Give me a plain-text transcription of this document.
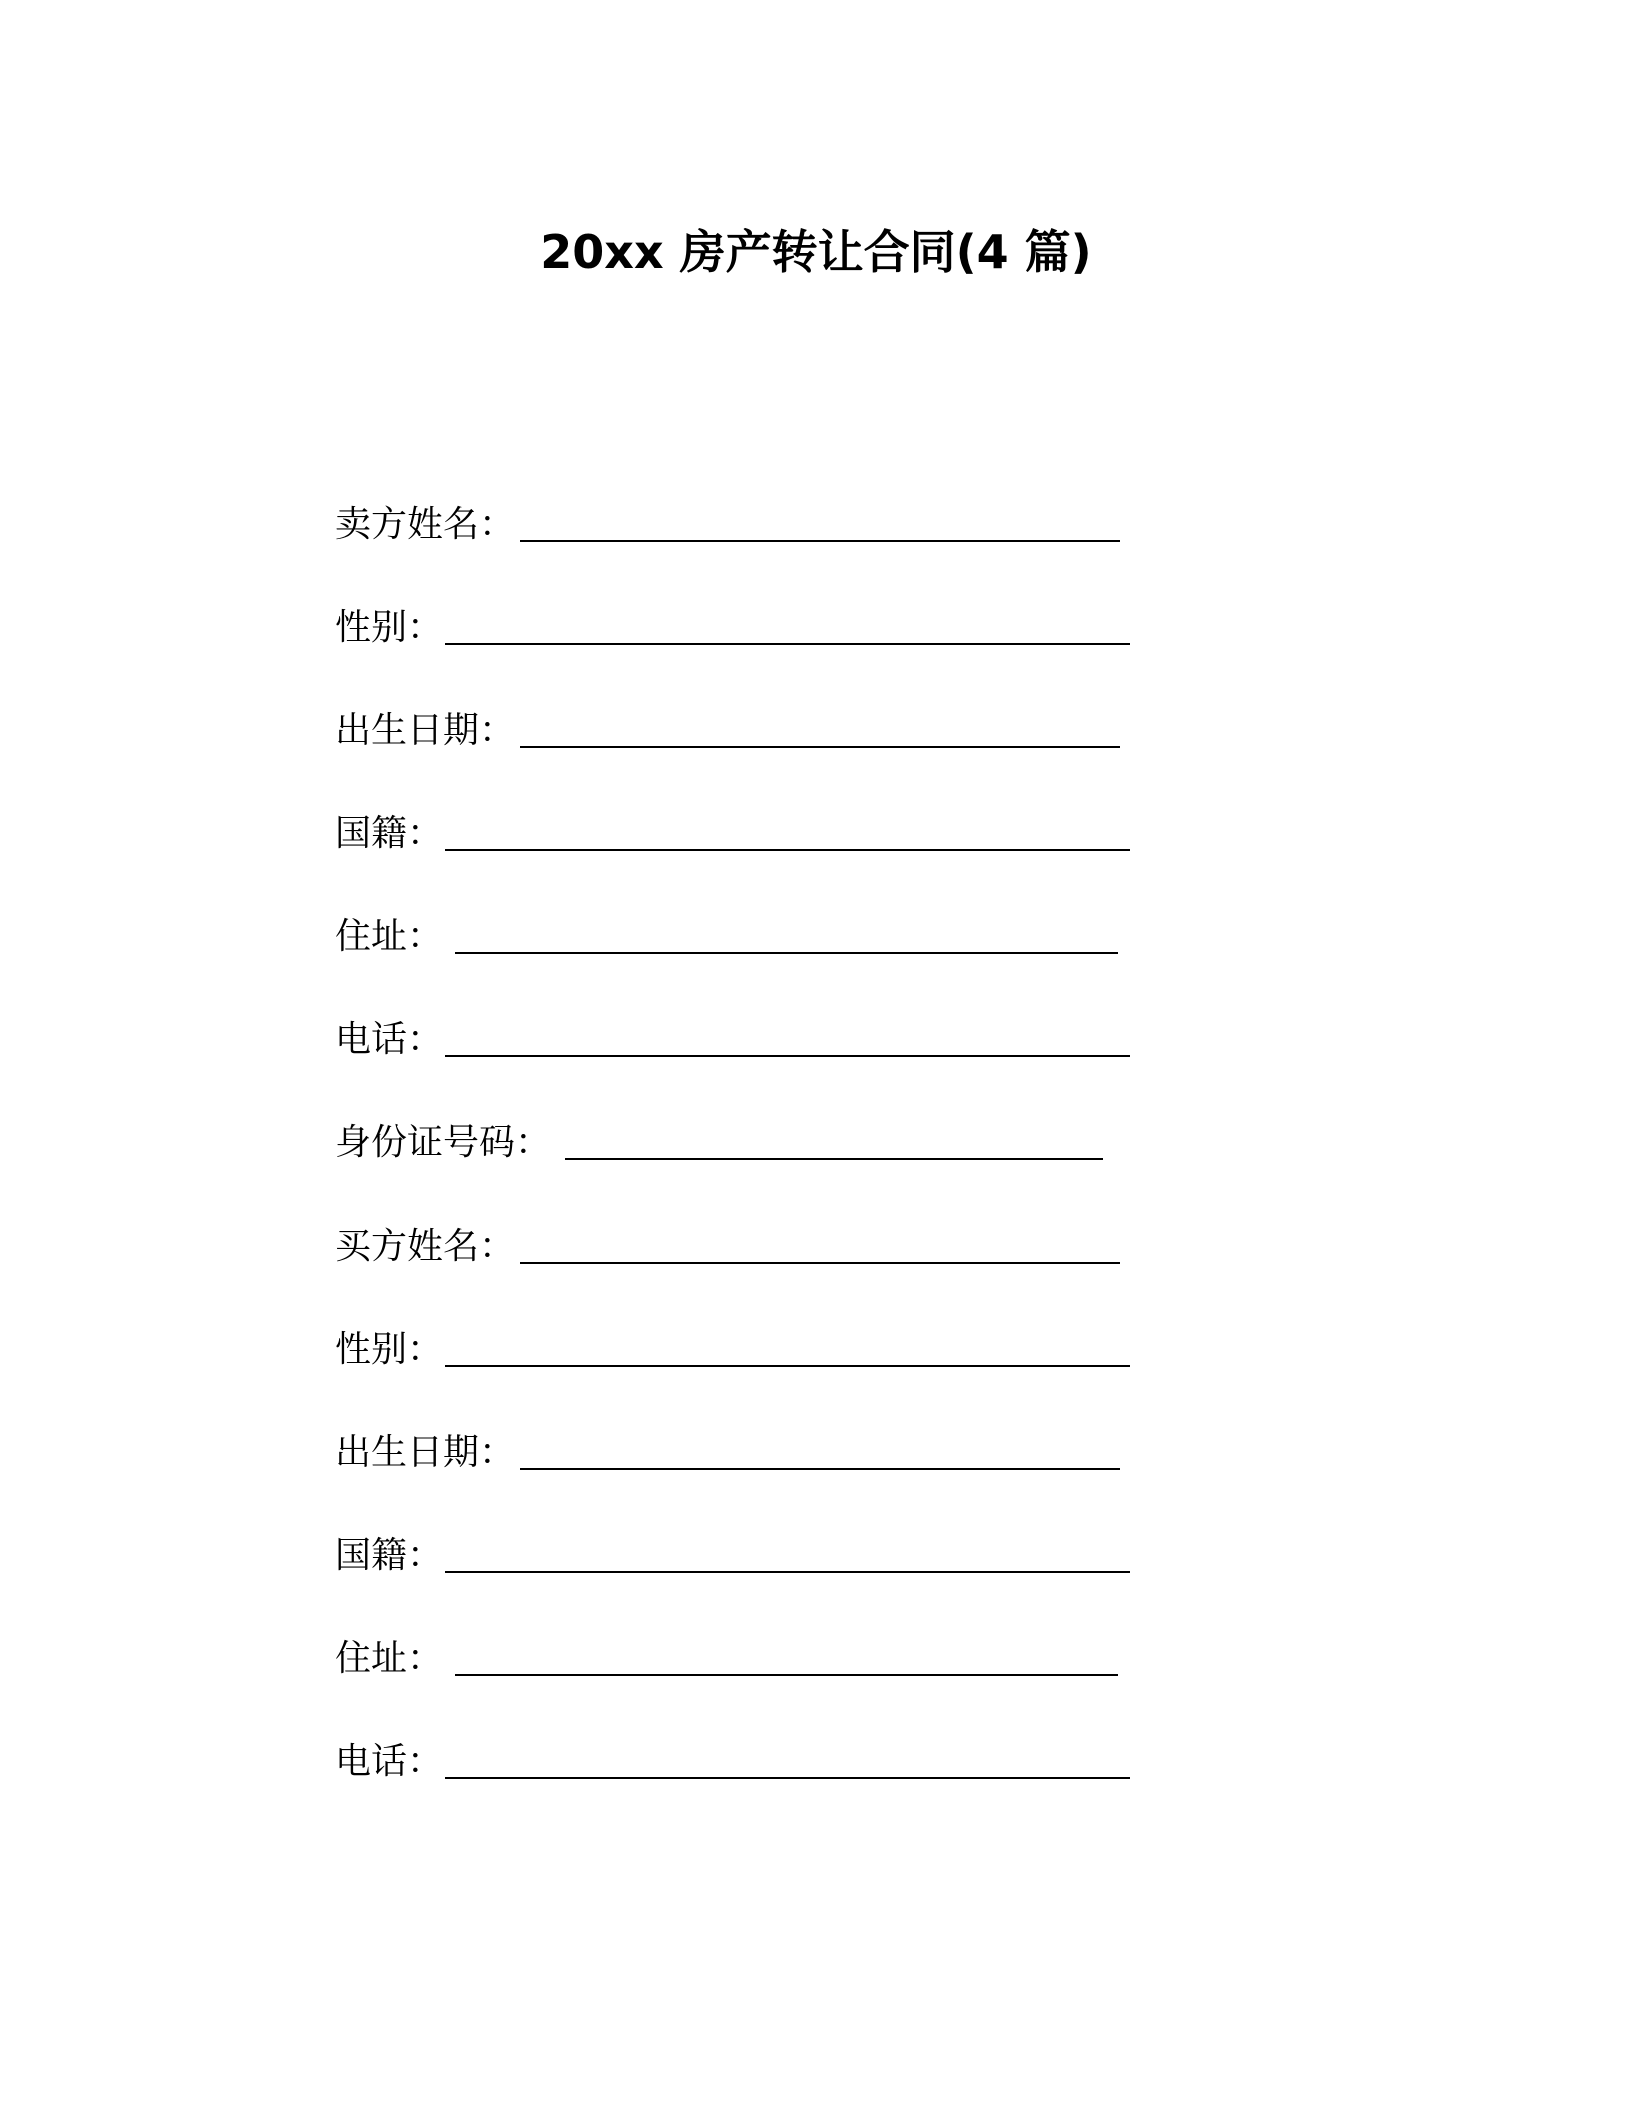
20xx 房产转让合同(4 篇)
卖方姓名：
性别：
出生日期：
国籍：
住址：
电话：
身份证号码：
买方姓名：
性别：
出生日期：
国籍：
住址：
电话：
